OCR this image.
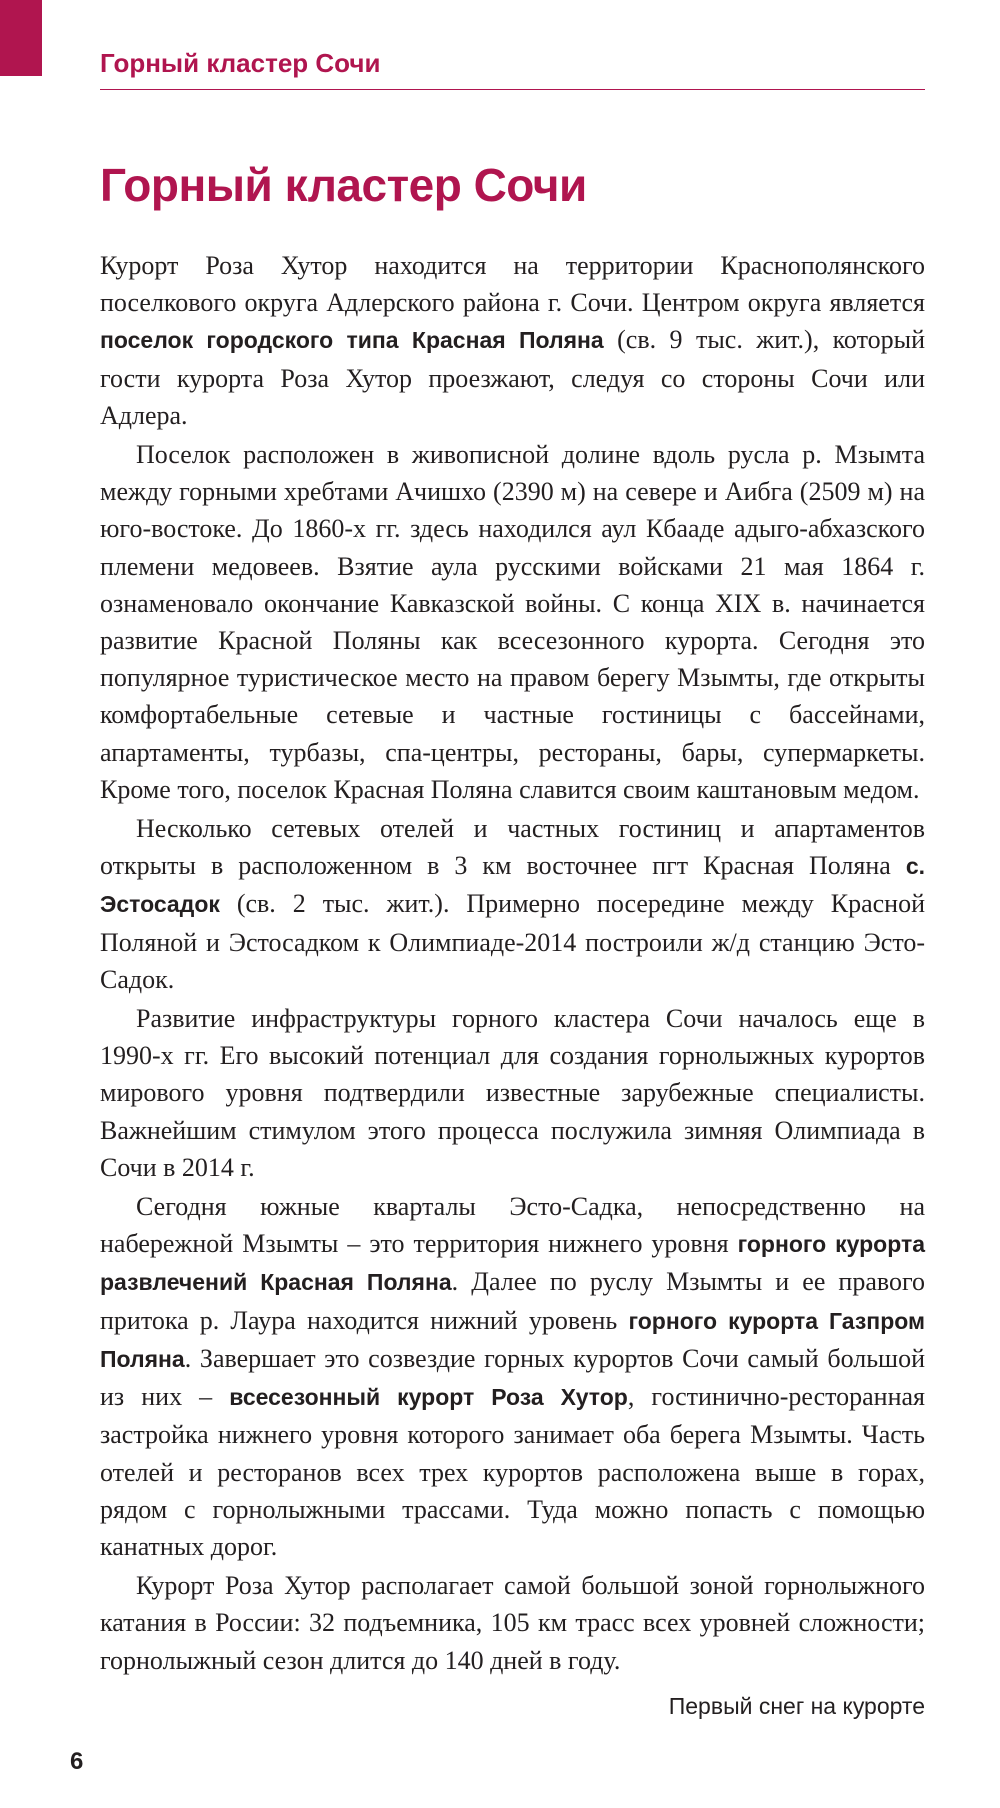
Горный кластер Сочи
Горный кластер Сочи

Курорт Роза Хутор находится на территории Краснополянского поселкового округа Адлерского района г. Сочи. Центром округа является поселок городского типа Красная Поляна (св. 9 тыс. жит.), который гости курорта Роза Хутор проезжают, следуя со стороны Сочи или Адлера.

Поселок расположен в живописной долине вдоль русла р. Мзымта между горными хребтами Ачишхо (2390 м) на севере и Аибга (2509 м) на юго-востоке. До 1860-х гг. здесь находился аул Кбааде адыго-абхазского племени медовеев. Взятие аула русскими войсками 21 мая 1864 г. ознаменовало окончание Кавказской войны. С конца XIX в. начинается развитие Красной Поляны как всесезонного курорта. Сегодня это популярное туристическое место на правом берегу Мзымты, где открыты комфортабельные сетевые и частные гостиницы с бассейнами, апартаменты, турбазы, спа-центры, рестораны, бары, супермаркеты. Кроме того, поселок Красная Поляна славится своим каштановым медом.

Несколько сетевых отелей и частных гостиниц и апартаментов открыты в расположенном в 3 км восточнее пгт Красная Поляна с. Эстосадок (св. 2 тыс. жит.). Примерно посередине между Красной Поляной и Эстосадком к Олимпиаде-2014 построили ж/д станцию Эсто-Садок.

Развитие инфраструктуры горного кластера Сочи началось еще в 1990-х гг. Его высокий потенциал для создания горнолыжных курортов мирового уровня подтвердили известные зарубежные специалисты. Важнейшим стимулом этого процесса послужила зимняя Олимпиада в Сочи в 2014 г.

Сегодня южные кварталы Эсто-Садка, непосредственно на набережной Мзымты – это территория нижнего уровня горного курорта развлечений Красная Поляна. Далее по руслу Мзымты и ее правого притока р. Лаура находится нижний уровень горного курорта Газпром Поляна. Завершает это созвездие горных курортов Сочи самый большой из них – всесезонный курорт Роза Хутор, гостинично-ресторанная застройка нижнего уровня которого занимает оба берега Мзымты. Часть отелей и ресторанов всех трех курортов расположена выше в горах, рядом с горнолыжными трассами. Туда можно попасть с помощью канатных дорог.

Курорт Роза Хутор располагает самой большой зоной горнолыжного катания в России: 32 подъемника, 105 км трасс всех уровней сложности; горнолыжный сезон длится до 140 дней в году.

Первый снег на курорте
6
